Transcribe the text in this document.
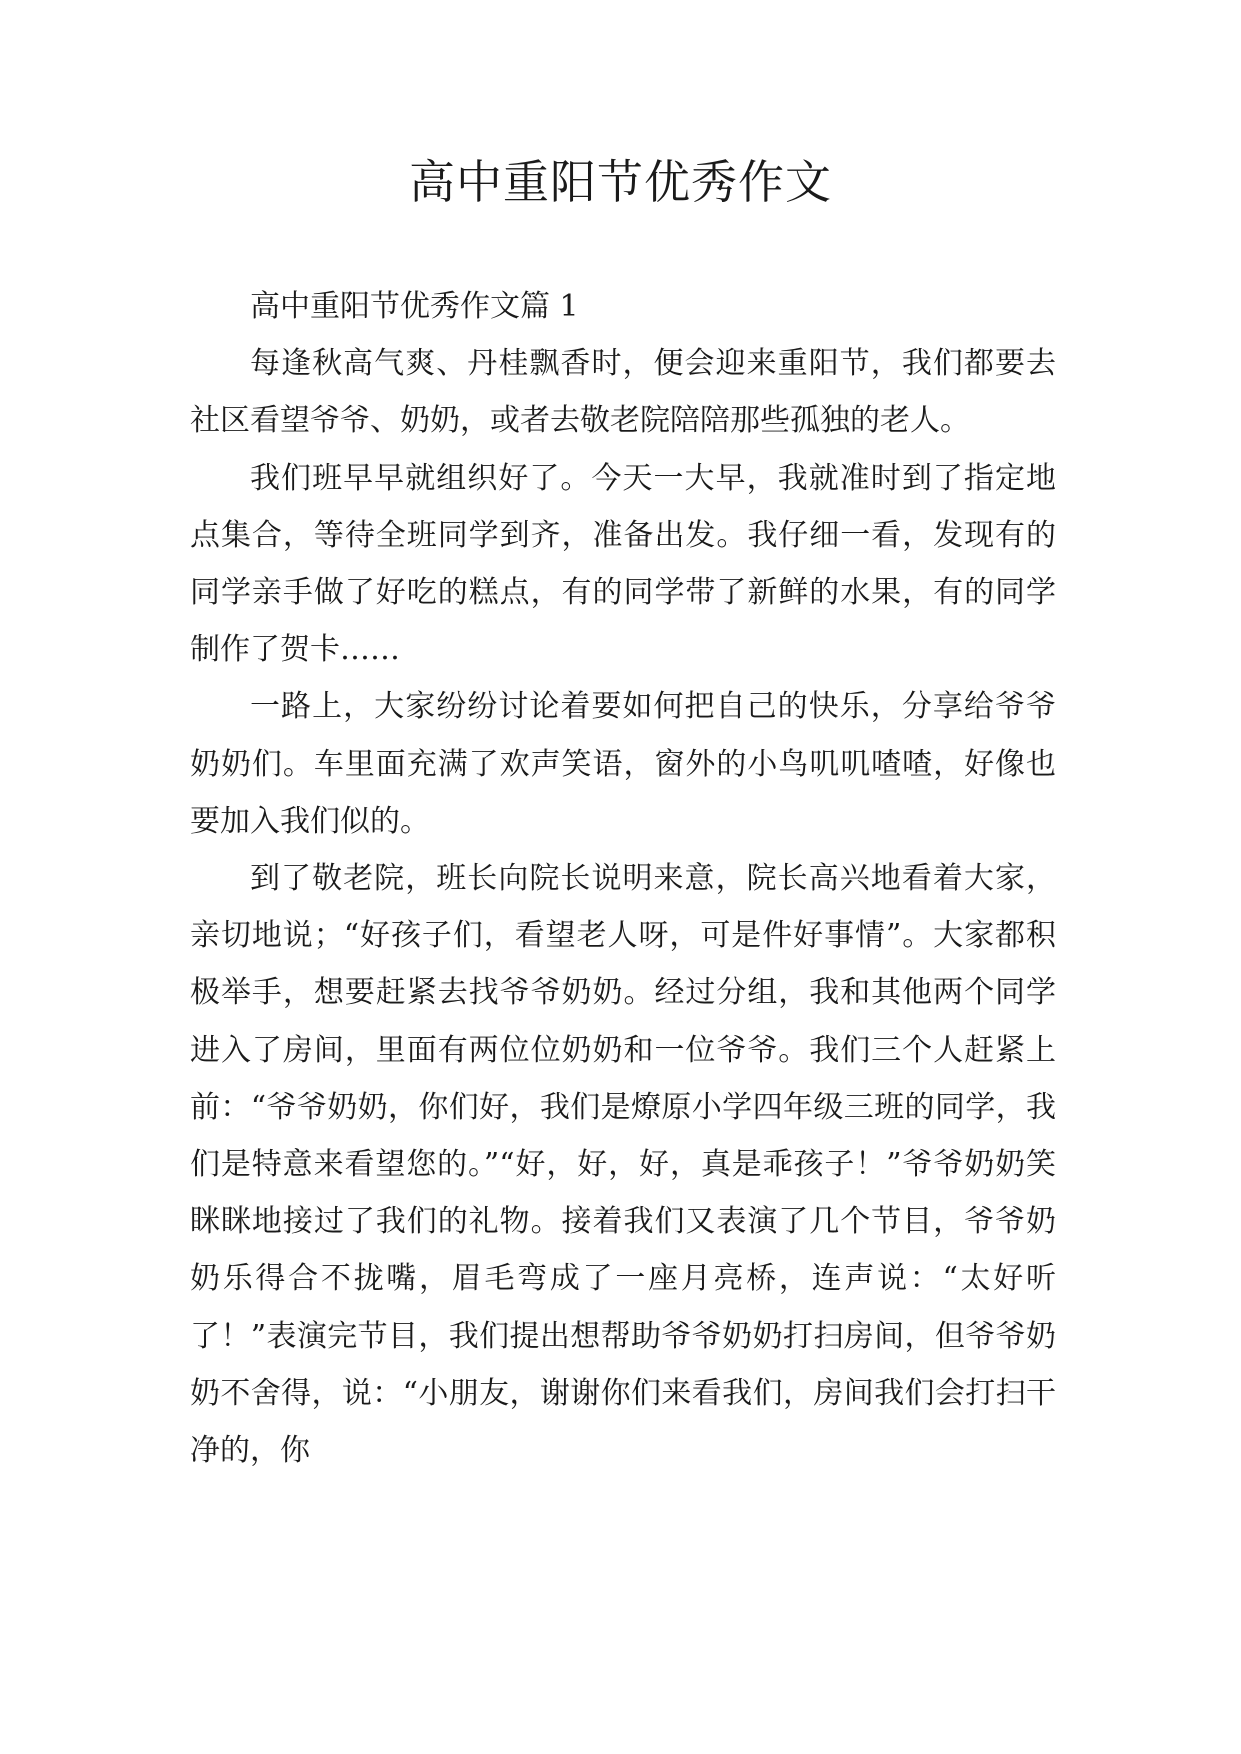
高中重阳节优秀作文

高中重阳节优秀作文篇 1

每逢秋高气爽、丹桂飘香时，便会迎来重阳节，我们都要去社区看望爷爷、奶奶，或者去敬老院陪陪那些孤独的老人。

我们班早早就组织好了。今天一大早，我就准时到了指定地点集合，等待全班同学到齐，准备出发。我仔细一看，发现有的同学亲手做了好吃的糕点，有的同学带了新鲜的水果，有的同学制作了贺卡……

一路上，大家纷纷讨论着要如何把自己的快乐，分享给爷爷奶奶们。车里面充满了欢声笑语，窗外的小鸟叽叽喳喳，好像也要加入我们似的。

到了敬老院，班长向院长说明来意，院长高兴地看着大家，亲切地说；“好孩子们，看望老人呀，可是件好事情”。大家都积极举手，想要赶紧去找爷爷奶奶。经过分组，我和其他两个同学进入了房间，里面有两位位奶奶和一位爷爷。我们三个人赶紧上前：“爷爷奶奶，你们好，我们是燎原小学四年级三班的同学，我们是特意来看望您的。”“好，好，好，真是乖孩子！”爷爷奶奶笑眯眯地接过了我们的礼物。接着我们又表演了几个节目，爷爷奶奶乐得合不拢嘴，眉毛弯成了一座月亮桥，连声说：“太好听了！”表演完节目，我们提出想帮助爷爷奶奶打扫房间，但爷爷奶奶不舍得，说：“小朋友，谢谢你们来看我们，房间我们会打扫干净的，你
